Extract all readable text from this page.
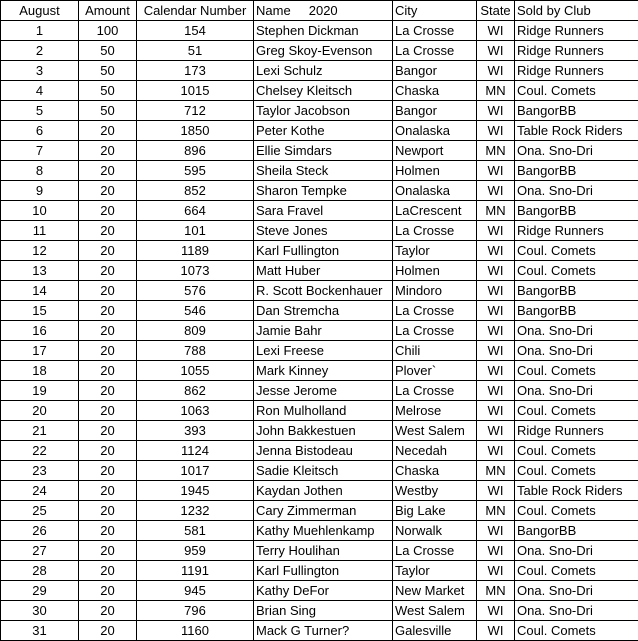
August	Amount	Calendar Number	Name     2020	City	State	Sold by Club
1	100	154	Stephen Dickman	La Crosse	WI	Ridge Runners
2	50	51	Greg Skoy-Evenson	La Crosse	WI	Ridge Runners
3	50	173	Lexi Schulz	Bangor	WI	Ridge Runners
4	50	1015	Chelsey Kleitsch	Chaska	MN	Coul. Comets
5	50	712	Taylor Jacobson	Bangor	WI	BangorBB
6	20	1850	Peter Kothe	Onalaska	WI	Table Rock Riders
7	20	896	Ellie Simdars	Newport	MN	Ona. Sno-Dri
8	20	595	Sheila Steck	Holmen	WI	BangorBB
9	20	852	Sharon Tempke	Onalaska	WI	Ona. Sno-Dri
10	20	664	Sara Fravel	LaCrescent	MN	BangorBB
11	20	101	Steve Jones	La Crosse	WI	Ridge Runners
12	20	1189	Karl Fullington	Taylor	WI	Coul. Comets
13	20	1073	Matt Huber	Holmen	WI	Coul. Comets
14	20	576	R. Scott Bockenhauer	Mindoro	WI	BangorBB
15	20	546	Dan Stremcha	La Crosse	WI	BangorBB
16	20	809	Jamie Bahr	La Crosse	WI	Ona. Sno-Dri
17	20	788	Lexi Freese	Chili	WI	Ona. Sno-Dri
18	20	1055	Mark Kinney	Plover`	WI	Coul. Comets
19	20	862	Jesse Jerome	La Crosse	WI	Ona. Sno-Dri
20	20	1063	Ron Mulholland	Melrose	WI	Coul. Comets
21	20	393	John Bakkestuen	West Salem	WI	Ridge Runners
22	20	1124	Jenna Bistodeau	Necedah	WI	Coul. Comets
23	20	1017	Sadie Kleitsch	Chaska	MN	Coul. Comets
24	20	1945	Kaydan Jothen	Westby	WI	Table Rock Riders
25	20	1232	Cary Zimmerman	Big Lake	MN	Coul. Comets
26	20	581	Kathy Muehlenkamp	Norwalk	WI	BangorBB
27	20	959	Terry Houlihan	La Crosse	WI	Ona. Sno-Dri
28	20	1191	Karl Fullington	Taylor	WI	Coul. Comets
29	20	945	Kathy DeFor	New Market	MN	Ona. Sno-Dri
30	20	796	Brian Sing	West Salem	WI	Ona. Sno-Dri
31	20	1160	Mack G Turner?	Galesville	WI	Coul. Comets
